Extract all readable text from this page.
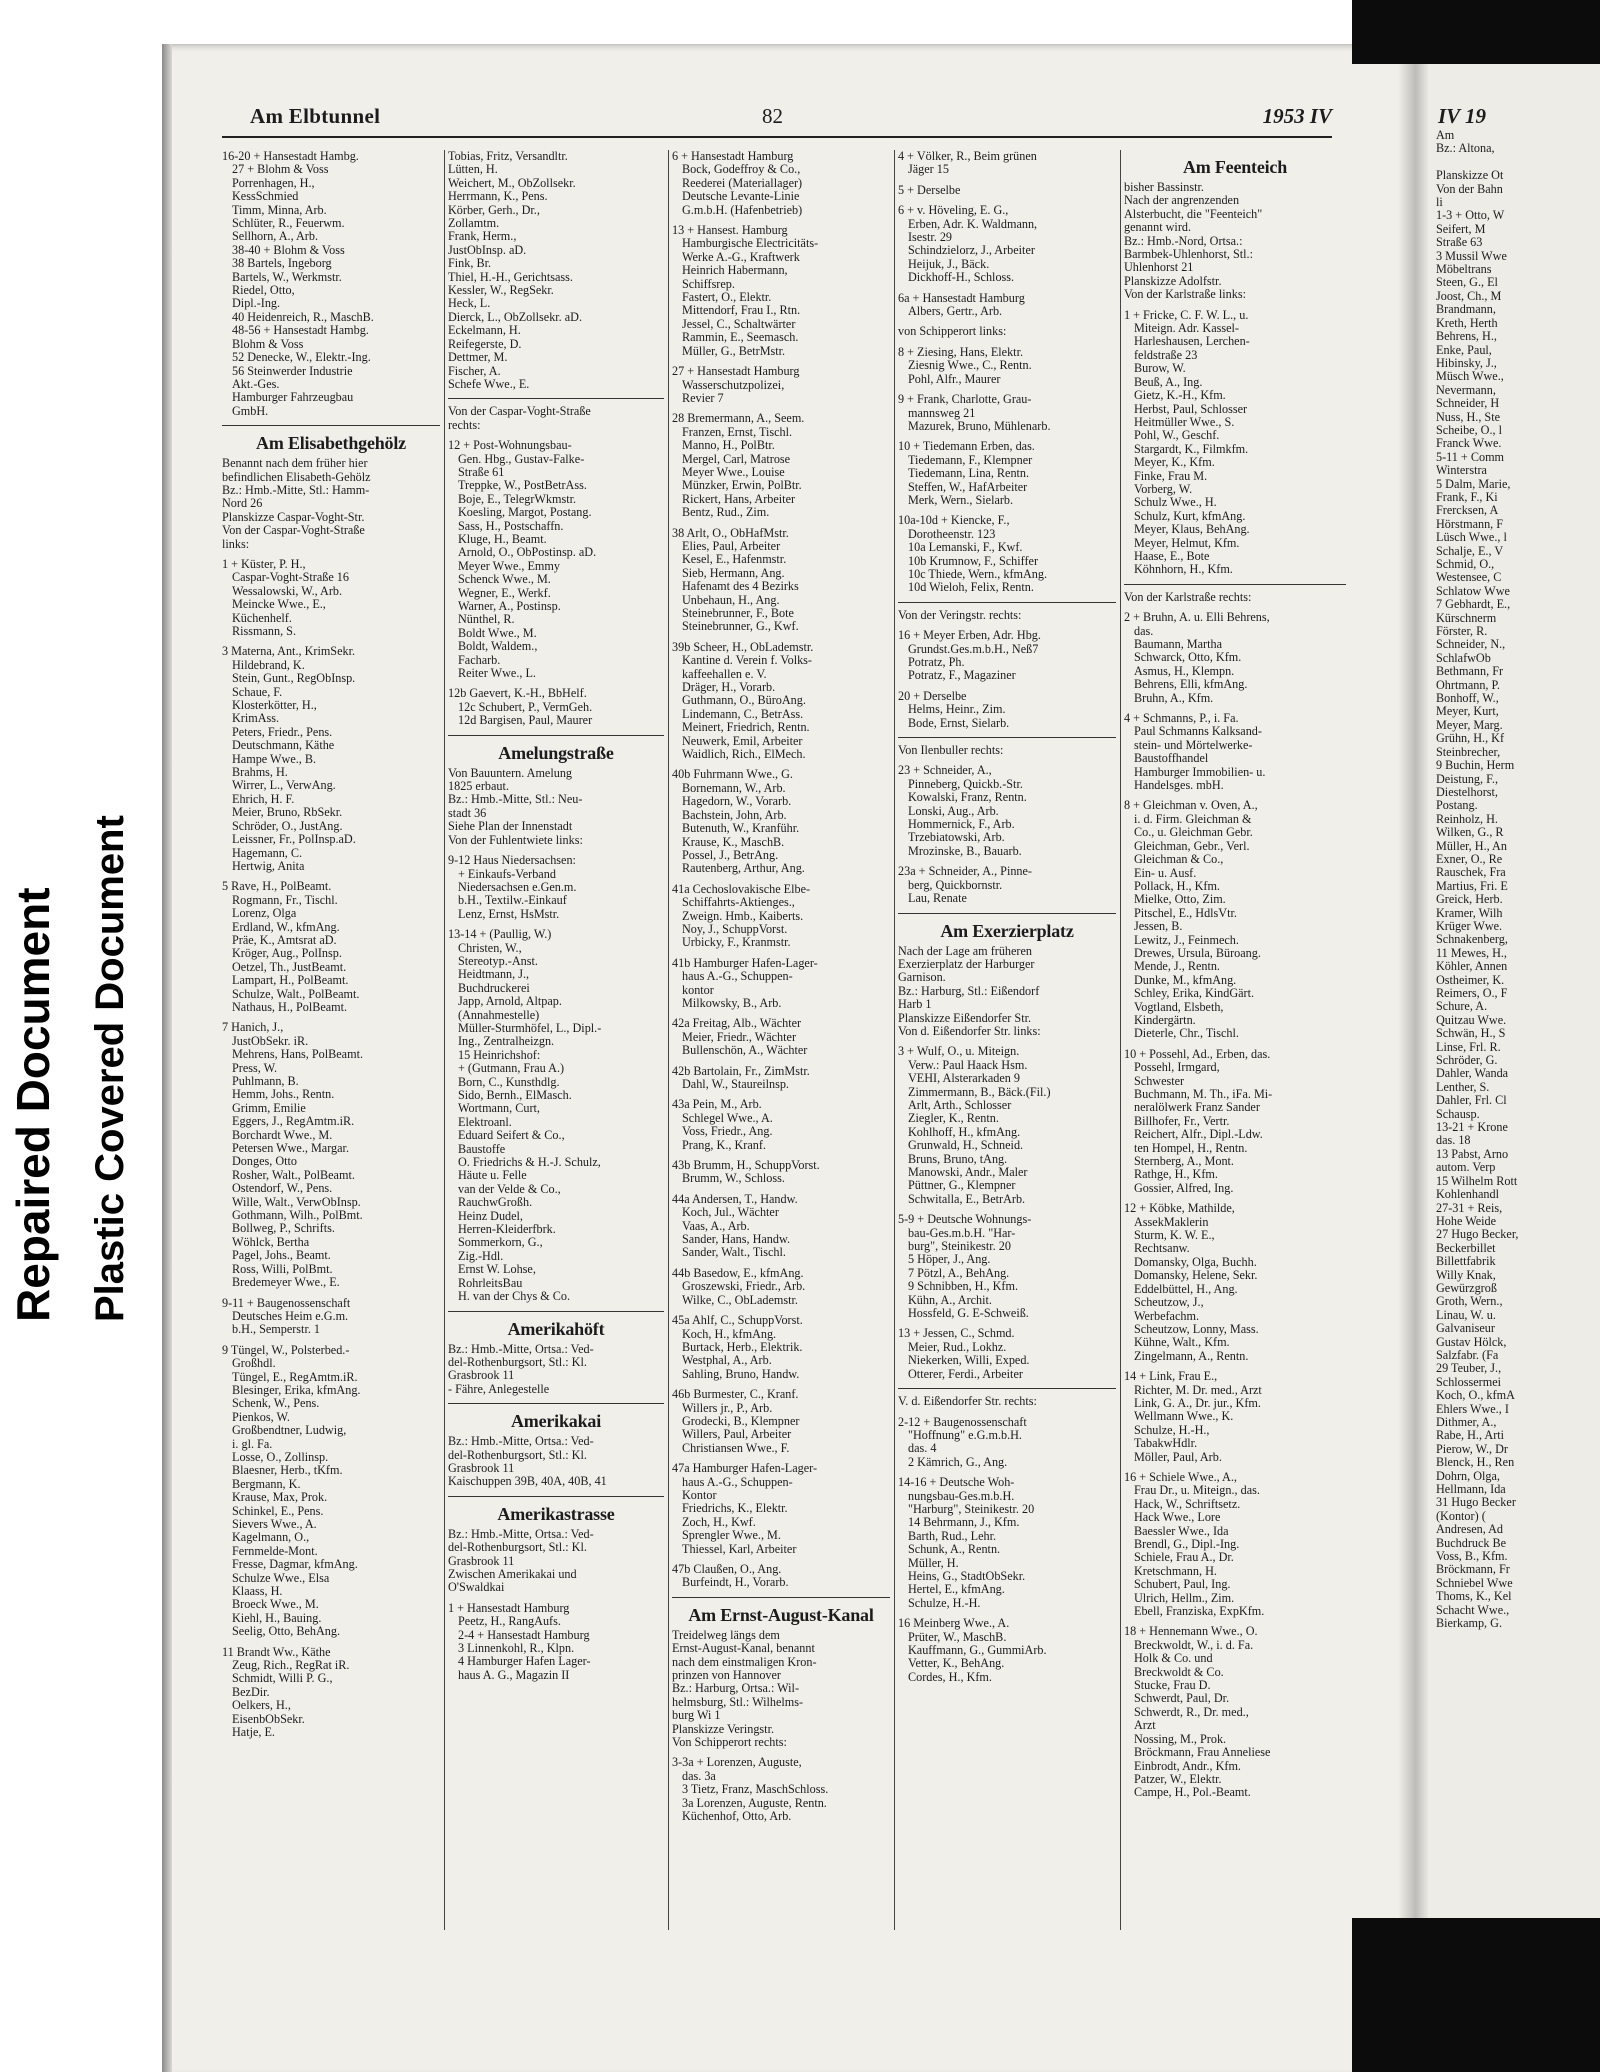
Repaired Document Plastic Covered Document
IV 19
Am
Bz.: Altona,

Planskizze Ot
Von der Bahn
li
1-3 + Otto, W
Seifert, M
Straße 63
3 Mussil Wwe
Möbeltrans
Steen, G., El
Joost, Ch., M
Brandmann,
Kreth, Herth
Behrens, H.,
Enke, Paul,
Hibinsky, J.,
Müsch Wwe.,
Nevermann,
Schneider, H
Nuss, H., Ste
Scheibe, O., l
Franck Wwe.
5-11 + Comm
Winterstra
5 Dalm, Marie,
Frank, F., Ki
Frercksen, A
Hörstmann, F
Lüsch Wwe., l
Schalje, E., V
Schmid, O.,
Westensee, C
Schlatow Wwe
7 Gebhardt, E.,
Kürschnerm
Förster, R.
Schneider, N.,
SchlafwOb
Bethmann, Fr
Ohrtmann, P.
Bonhoff, W.,
Meyer, Kurt,
Meyer, Marg.
Grühn, H., Kf
Steinbrecher,
9 Buchin, Herm
Deistung, F.,
Diestelhorst,
Postang.
Reinholz, H.
Wilken, G., R
Müller, H., An
Exner, O., Re
Rauschek, Fra
Martius, Fri. E
Greick, Herb.
Kramer, Wilh
Krüger Wwe.
Schnakenberg,
11 Mewes, H.,
Köhler, Annen
Ostheimer, K.
Reimers, O., F
Schure, A.
Quitzau Wwe.
Schwän, H., S
Linse, Frl. R.
Schröder, G.
Dahler, Wanda
Lenther, S.
Dahler, Frl. Cl
Schausp.
13-21 + Krone
das. 18
13 Pabst, Arno
autom. Verp
15 Wilhelm Rott
Kohlenhandl
27-31 + Reis,
Hohe Weide
27 Hugo Becker,
Beckerbillet
Billettfabrik
Willy Knak,
Gewürzgroß
Groth, Wern.,
Linau, W. u.
Galvaniseur
Gustav Hölck,
Salzfabr. (Fa
29 Teuber, J.,
Schlossermei
Koch, O., kfmA
Ehlers Wwe., I
Dithmer, A.,
Rabe, H., Arti
Pierow, W., Dr
Blenck, H., Ren
Dohrn, Olga,
Hellmann, Ida
31 Hugo Becker
(Kontor) (
Andresen, Ad
Buchdruck Be
Voss, B., Kfm.
Bröckmann, Fr
Schniebel Wwe
Thoms, K., Kel
Schacht Wwe.,
Bierkamp, G.
Am Elbtunnel	82	1953 IV
16-20 + Hansestadt Hambg.
27 + Blohm & Voss
Porrenhagen, H.,
KessSchmied
Timm, Minna, Arb.
Schlüter, R., Feuerwm.
Sellhorn, A., Arb.
38-40 + Blohm & Voss
38 Bartels, Ingeborg
Bartels, W., Werkmstr.
Riedel, Otto,
Dipl.-Ing.
40 Heidenreich, R., MaschB.
48-56 + Hansestadt Hambg.
Blohm & Voss
52 Denecke, W., Elektr.-Ing.
56 Steinwerder Industrie
Akt.-Ges.
Hamburger Fahrzeugbau
GmbH.
Am Elisabethgehölz
Benannt nach dem früher hier
befindlichen Elisabeth-Gehölz
Bz.: Hmb.-Mitte, Stl.: Hamm-
Nord 26
Planskizze Caspar-Voght-Str.
Von der Caspar-Voght-Straße
links:
1 + Küster, P. H.,
Caspar-Voght-Straße 16
Wessalowski, W., Arb.
Meincke Wwe., E.,
Küchenhelf.
Rissmann, S.
3 Materna, Ant., KrimSekr.
Hildebrand, K.
Stein, Gunt., RegObInsp.
Schaue, F.
Klosterkötter, H.,
KrimAss.
Peters, Friedr., Pens.
Deutschmann, Käthe
Hampe Wwe., B.
Brahms, H.
Wirrer, L., VerwAng.
Ehrich, H. F.
Meier, Bruno, RbSekr.
Schröder, O., JustAng.
Leissner, Fr., PolInsp.aD.
Hagemann, C.
Hertwig, Anita
5 Rave, H., PolBeamt.
Rogmann, Fr., Tischl.
Lorenz, Olga
Erdland, W., kfmAng.
Präe, K., Amtsrat aD.
Kröger, Aug., PolInsp.
Oetzel, Th., JustBeamt.
Lampart, H., PolBeamt.
Schulze, Walt., PolBeamt.
Nathaus, H., PolBeamt.
7 Hanich, J.,
JustObSekr. iR.
Mehrens, Hans, PolBeamt.
Press, W.
Puhlmann, B.
Hemm, Johs., Rentn.
Grimm, Emilie
Eggers, J., RegAmtm.iR.
Borchardt Wwe., M.
Petersen Wwe., Margar.
Donges, Otto
Rosher, Walt., PolBeamt.
Ostendorf, W., Pens.
Wille, Walt., VerwObInsp.
Gothmann, Wilh., PolBmt.
Bollweg, P., Schrifts.
Wöhlck, Bertha
Pagel, Johs., Beamt.
Ross, Willi, PolBmt.
Bredemeyer Wwe., E.
9-11 + Baugenossenschaft
Deutsches Heim e.G.m.
b.H., Semperstr. 1
9 Tüngel, W., Polsterbed.-
Großhdl.
Tüngel, E., RegAmtm.iR.
Blesinger, Erika, kfmAng.
Schenk, W., Pens.
Pienkos, W.
Großbendtner, Ludwig,
i. gl. Fa.
Losse, O., Zollinsp.
Blaesner, Herb., tKfm.
Bergmann, K.
Krause, Max, Prok.
Schinkel, E., Pens.
Sievers Wwe., A.
Kagelmann, O.,
Fernmelde-Mont.
Fresse, Dagmar, kfmAng.
Schulze Wwe., Elsa
Klaass, H.
Broeck Wwe., M.
Kiehl, H., Bauing.
Seelig, Otto, BehAng.
11 Brandt Ww., Käthe
Zeug, Rich., RegRat iR.
Schmidt, Willi P. G.,
BezDir.
Oelkers, H.,
EisenbObSekr.
Hatje, E.
Tobias, Fritz, Versandltr.
Lütten, H.
Weichert, M., ObZollsekr.
Herrmann, K., Pens.
Körber, Gerh., Dr.,
Zollamtm.
Frank, Herm.,
JustObInsp. aD.
Fink, Br.
Thiel, H.-H., Gerichtsass.
Kessler, W., RegSekr.
Heck, L.
Dierck, L., ObZollsekr. aD.
Eckelmann, H.
Reifegerste, D.
Dettmer, M.
Fischer, A.
Schefe Wwe., E.
Von der Caspar-Voght-Straße
rechts:
12 + Post-Wohnungsbau-
Gen. Hbg., Gustav-Falke-
Straße 61
Treppke, W., PostBetrAss.
Boje, E., TelegrWkmstr.
Koesling, Margot, Postang.
Sass, H., Postschaffn.
Kluge, H., Beamt.
Arnold, O., ObPostinsp. aD.
Meyer Wwe., Emmy
Schenck Wwe., M.
Wegner, E., Werkf.
Warner, A., Postinsp.
Nünthel, R.
Boldt Wwe., M.
Boldt, Waldem.,
Facharb.
Reiter Wwe., L.
12b Gaevert, K.-H., BbHelf.
12c Schubert, P., VermGeh.
12d Bargisen, Paul, Maurer
Amelungstraße
Von Bauuntern. Amelung
1825 erbaut.
Bz.: Hmb.-Mitte, Stl.: Neu-
stadt 36
Siehe Plan der Innenstadt
Von der Fuhlentwiete links:
9-12 Haus Niedersachsen:
+ Einkaufs-Verband
Niedersachsen e.Gen.m.
b.H., Textilw.-Einkauf
Lenz, Ernst, HsMstr.
13-14 + (Paullig, W.)
Christen, W.,
Stereotyp.-Anst.
Heidtmann, J.,
Buchdruckerei
Japp, Arnold, Altpap.
(Annahmestelle)
Müller-Sturmhöfel, L., Dipl.-
Ing., Zentralheizgn.
15 Heinrichshof:
+ (Gutmann, Frau A.)
Born, C., Kunsthdlg.
Sido, Bernh., ElMasch.
Wortmann, Curt,
Elektroanl.
Eduard Seifert & Co.,
Baustoffe
O. Friedrichs & H.-J. Schulz,
Häute u. Felle
van der Velde & Co.,
RauchwGroßh.
Heinz Dudel,
Herren-Kleiderfbrk.
Sommerkorn, G.,
Zig.-Hdl.
Ernst W. Lohse,
RohrleitsBau
H. van der Chys & Co.
Amerikahöft
Bz.: Hmb.-Mitte, Ortsa.: Ved-
del-Rothenburgsort, Stl.: Kl.
Grasbrook 11
- Fähre, Anlegestelle
Amerikakai
Bz.: Hmb.-Mitte, Ortsa.: Ved-
del-Rothenburgsort, Stl.: Kl.
Grasbrook 11
Kaischuppen 39B, 40A, 40B, 41
Amerikastrasse
Bz.: Hmb.-Mitte, Ortsa.: Ved-
del-Rothenburgsort, Stl.: Kl.
Grasbrook 11
Zwischen Amerikakai und
O'Swaldkai
1 + Hansestadt Hamburg
Peetz, H., RangAufs.
2-4 + Hansestadt Hamburg
3 Linnenkohl, R., Klpn.
4 Hamburger Hafen Lager-
haus A. G., Magazin II
6 + Hansestadt Hamburg
Bock, Godeffroy & Co.,
Reederei (Materiallager)
Deutsche Levante-Linie
G.m.b.H. (Hafenbetrieb)
13 + Hansest. Hamburg
Hamburgische Electricitäts-
Werke A.-G., Kraftwerk
Heinrich Habermann,
Schiffsrep.
Fastert, O., Elektr.
Mittendorf, Frau I., Rtn.
Jessel, C., Schaltwärter
Rammin, E., Seemasch.
Müller, G., BetrMstr.
27 + Hansestadt Hamburg
Wasserschutzpolizei,
Revier 7
28 Bremermann, A., Seem.
Franzen, Ernst, Tischl.
Manno, H., PolBtr.
Mergel, Carl, Matrose
Meyer Wwe., Louise
Münzker, Erwin, PolBtr.
Rickert, Hans, Arbeiter
Bentz, Rud., Zim.
38 Arlt, O., ObHafMstr.
Elies, Paul, Arbeiter
Kesel, E., Hafenmstr.
Sieb, Hermann, Ang.
Hafenamt des 4 Bezirks
Unbehaun, H., Ang.
Steinebrunner, F., Bote
Steinebrunner, G., Kwf.
39b Scheer, H., ObLademstr.
Kantine d. Verein f. Volks-
kaffeehallen e. V.
Dräger, H., Vorarb.
Guthmann, O., BüroAng.
Lindemann, C., BetrAss.
Meinert, Friedrich, Rentn.
Neuwerk, Emil, Arbeiter
Waidlich, Rich., ElMech.
40b Fuhrmann Wwe., G.
Bornemann, W., Arb.
Hagedorn, W., Vorarb.
Bachstein, John, Arb.
Butenuth, W., Kranführ.
Krause, K., MaschB.
Possel, J., BetrAng.
Rautenberg, Arthur, Ang.
41a Cechoslovakische Elbe-
Schiffahrts-Aktienges.,
Zweign. Hmb., Kaiberts.
Noy, J., SchuppVorst.
Urbicky, F., Kranmstr.
41b Hamburger Hafen-Lager-
haus A.-G., Schuppen-
kontor
Milkowsky, B., Arb.
42a Freitag, Alb., Wächter
Meier, Friedr., Wächter
Bullenschön, A., Wächter
42b Bartolain, Fr., ZimMstr.
Dahl, W., Staureilnsp.
43a Pein, M., Arb.
Schlegel Wwe., A.
Voss, Friedr., Ang.
Prang, K., Kranf.
43b Brumm, H., SchuppVorst.
Brumm, W., Schloss.
44a Andersen, T., Handw.
Koch, Jul., Wächter
Vaas, A., Arb.
Sander, Hans, Handw.
Sander, Walt., Tischl.
44b Basedow, E., kfmAng.
Groszewski, Friedr., Arb.
Wilke, C., ObLademstr.
45a Ahlf, C., SchuppVorst.
Koch, H., kfmAng.
Burtack, Herb., Elektrik.
Westphal, A., Arb.
Sahling, Bruno, Handw.
46b Burmester, C., Kranf.
Willers jr., P., Arb.
Grodecki, B., Klempner
Willers, Paul, Arbeiter
Christiansen Wwe., F.
47a Hamburger Hafen-Lager-
haus A.-G., Schuppen-
Kontor
Friedrichs, K., Elektr.
Zoch, H., Kwf.
Sprengler Wwe., M.
Thiessel, Karl, Arbeiter
47b Claußen, O., Ang.
Burfeindt, H., Vorarb.
Am Ernst-August-Kanal
Treidelweg längs dem
Ernst-August-Kanal, benannt
nach dem einstmaligen Kron-
prinzen von Hannover
Bz.: Harburg, Ortsa.: Wil-
helmsburg, Stl.: Wilhelms-
burg Wi 1
Planskizze Veringstr.
Von Schipperort rechts:
3-3a + Lorenzen, Auguste,
das. 3a
3 Tietz, Franz, MaschSchloss.
3a Lorenzen, Auguste, Rentn.
Küchenhof, Otto, Arb.
4 + Völker, R., Beim grünen
Jäger 15
5 + Derselbe
6 + v. Höveling, E. G.,
Erben, Adr. K. Waldmann,
Isestr. 29
Schindzielorz, J., Arbeiter
Heijuk, J., Bäck.
Dickhoff-H., Schloss.
6a + Hansestadt Hamburg
Albers, Gertr., Arb.
von Schipperort links:
8 + Ziesing, Hans, Elektr.
Ziesnig Wwe., C., Rentn.
Pohl, Alfr., Maurer
9 + Frank, Charlotte, Grau-
mannsweg 21
Mazurek, Bruno, Mühlenarb.
10 + Tiedemann Erben, das.
Tiedemann, F., Klempner
Tiedemann, Lina, Rentn.
Steffen, W., HafArbeiter
Merk, Wern., Sielarb.
10a-10d + Kiencke, F.,
Dorotheenstr. 123
10a Lemanski, F., Kwf.
10b Krumnow, F., Schiffer
10c Thiede, Wern., kfmAng.
10d Wieloh, Felix, Rentn.
Von der Veringstr. rechts:
16 + Meyer Erben, Adr. Hbg.
Grundst.Ges.m.b.H., Neß7
Potratz, Ph.
Potratz, F., Magaziner
20 + Derselbe
Helms, Heinr., Zim.
Bode, Ernst, Sielarb.
Von Ilenbuller rechts:
23 + Schneider, A.,
Pinneberg, Quickb.-Str.
Kowalski, Franz, Rentn.
Lonski, Aug., Arb.
Hommernick, F., Arb.
Trzebiatowski, Arb.
Mrozinske, B., Bauarb.
23a + Schneider, A., Pinne-
berg, Quickbornstr.
Lau, Renate
Am Exerzierplatz
Nach der Lage am früheren
Exerzierplatz der Harburger
Garnison.
Bz.: Harburg, Stl.: Eißendorf
Harb 1
Planskizze Eißendorfer Str.
Von d. Eißendorfer Str. links:
3 + Wulf, O., u. Miteign.
Verw.: Paul Haack Hsm.
VEHI, Alsterarkaden 9
Zimmermann, B., Bäck.(Fil.)
Arlt, Arth., Schlosser
Ziegler, K., Rentn.
Kohlhoff, H., kfmAng.
Grunwald, H., Schneid.
Bruns, Bruno, tAng.
Manowski, Andr., Maler
Püttner, G., Klempner
Schwitalla, E., BetrArb.
5-9 + Deutsche Wohnungs-
bau-Ges.m.b.H. "Har-
burg", Steinikestr. 20
5 Höper, J., Ang.
7 Pötzl, A., BehAng.
9 Schnibben, H., Kfm.
Kühn, A., Archit.
Hossfeld, G. E-Schweiß.
13 + Jessen, C., Schmd.
Meier, Rud., Lokhz.
Niekerken, Willi, Exped.
Otterer, Ferdi., Arbeiter
V. d. Eißendorfer Str. rechts:
2-12 + Baugenossenschaft
"Hoffnung" e.G.m.b.H.
das. 4
2 Kämrich, G., Ang.
14-16 + Deutsche Woh-
nungsbau-Ges.m.b.H.
"Harburg", Steinikestr. 20
14 Behrmann, J., Kfm.
Barth, Rud., Lehr.
Schunk, A., Rentn.
Müller, H.
Heins, G., StadtObSekr.
Hertel, E., kfmAng.
Schulze, H.-H.
16 Meinberg Wwe., A.
Prüter, W., MaschB.
Kauffmann, G., GummiArb.
Vetter, K., BehAng.
Cordes, H., Kfm.
Am Feenteich
bisher Bassinstr.
Nach der angrenzenden
Alsterbucht, die "Feenteich"
genannt wird.
Bz.: Hmb.-Nord, Ortsa.:
Barmbek-Uhlenhorst, Stl.:
Uhlenhorst 21
Planskizze Adolfstr.
Von der Karlstraße links:
1 + Fricke, C. F. W. L., u.
Miteign. Adr. Kassel-
Harleshausen, Lerchen-
feldstraße 23
Burow, W.
Beuß, A., Ing.
Gietz, K.-H., Kfm.
Herbst, Paul, Schlosser
Heitmüller Wwe., S.
Pohl, W., Geschf.
Stargardt, K., Filmkfm.
Meyer, K., Kfm.
Finke, Frau M.
Vorberg, W.
Schulz Wwe., H.
Schulz, Kurt, kfmAng.
Meyer, Klaus, BehAng.
Meyer, Helmut, Kfm.
Haase, E., Bote
Köhnhorn, H., Kfm.
Von der Karlstraße rechts:
2 + Bruhn, A. u. Elli Behrens,
das.
Baumann, Martha
Schwarck, Otto, Kfm.
Asmus, H., Klempn.
Behrens, Elli, kfmAng.
Bruhn, A., Kfm.
4 + Schmanns, P., i. Fa.
Paul Schmanns Kalksand-
stein- und Mörtelwerke-
Baustoffhandel
Hamburger Immobilien- u.
Handelsges. mbH.
8 + Gleichman v. Oven, A.,
i. d. Firm. Gleichman &
Co., u. Gleichman Gebr.
Gleichman, Gebr., Verl.
Gleichman & Co.,
Ein- u. Ausf.
Pollack, H., Kfm.
Mielke, Otto, Zim.
Pitschel, E., HdlsVtr.
Jessen, B.
Lewitz, J., Feinmech.
Drewes, Ursula, Büroang.
Mende, J., Rentn.
Dunke, M., kfmAng.
Schley, Erika, KindGärt.
Vogtland, Elsbeth,
Kindergärtn.
Dieterle, Chr., Tischl.
10 + Possehl, Ad., Erben, das.
Possehl, Irmgard,
Schwester
Buchmann, M. Th., iFa. Mi-
neralölwerk Franz Sander
Billhofer, Fr., Vertr.
Reichert, Alfr., Dipl.-Ldw.
ten Hompel, H., Rentn.
Sternberg, A., Mont.
Rathge, H., Kfm.
Gossier, Alfred, Ing.
12 + Köbke, Mathilde,
AssekMaklerin
Sturm, K. W. E.,
Rechtsanw.
Domansky, Olga, Buchh.
Domansky, Helene, Sekr.
Eddelbüttel, H., Ang.
Scheutzow, J.,
Werbefachm.
Scheutzow, Lonny, Mass.
Kühne, Walt., Kfm.
Zingelmann, A., Rentn.
14 + Link, Frau E.,
Richter, M. Dr. med., Arzt
Link, G. A., Dr. jur., Kfm.
Wellmann Wwe., K.
Schulze, H.-H.,
TabakwHdlr.
Möller, Paul, Arb.
16 + Schiele Wwe., A.,
Frau Dr., u. Miteign., das.
Hack, W., Schriftsetz.
Hack Wwe., Lore
Baessler Wwe., Ida
Brendl, G., Dipl.-Ing.
Schiele, Frau A., Dr.
Kretschmann, H.
Schubert, Paul, Ing.
Ulrich, Hellm., Zim.
Ebell, Franziska, ExpKfm.
18 + Hennemann Wwe., O.
Breckwoldt, W., i. d. Fa.
Holk & Co. und
Breckwoldt & Co.
Stucke, Frau D.
Schwerdt, Paul, Dr.
Schwerdt, R., Dr. med.,
Arzt
Nossing, M., Prok.
Bröckmann, Frau Anneliese
Einbrodt, Andr., Kfm.
Patzer, W., Elektr.
Campe, H., Pol.-Beamt.
